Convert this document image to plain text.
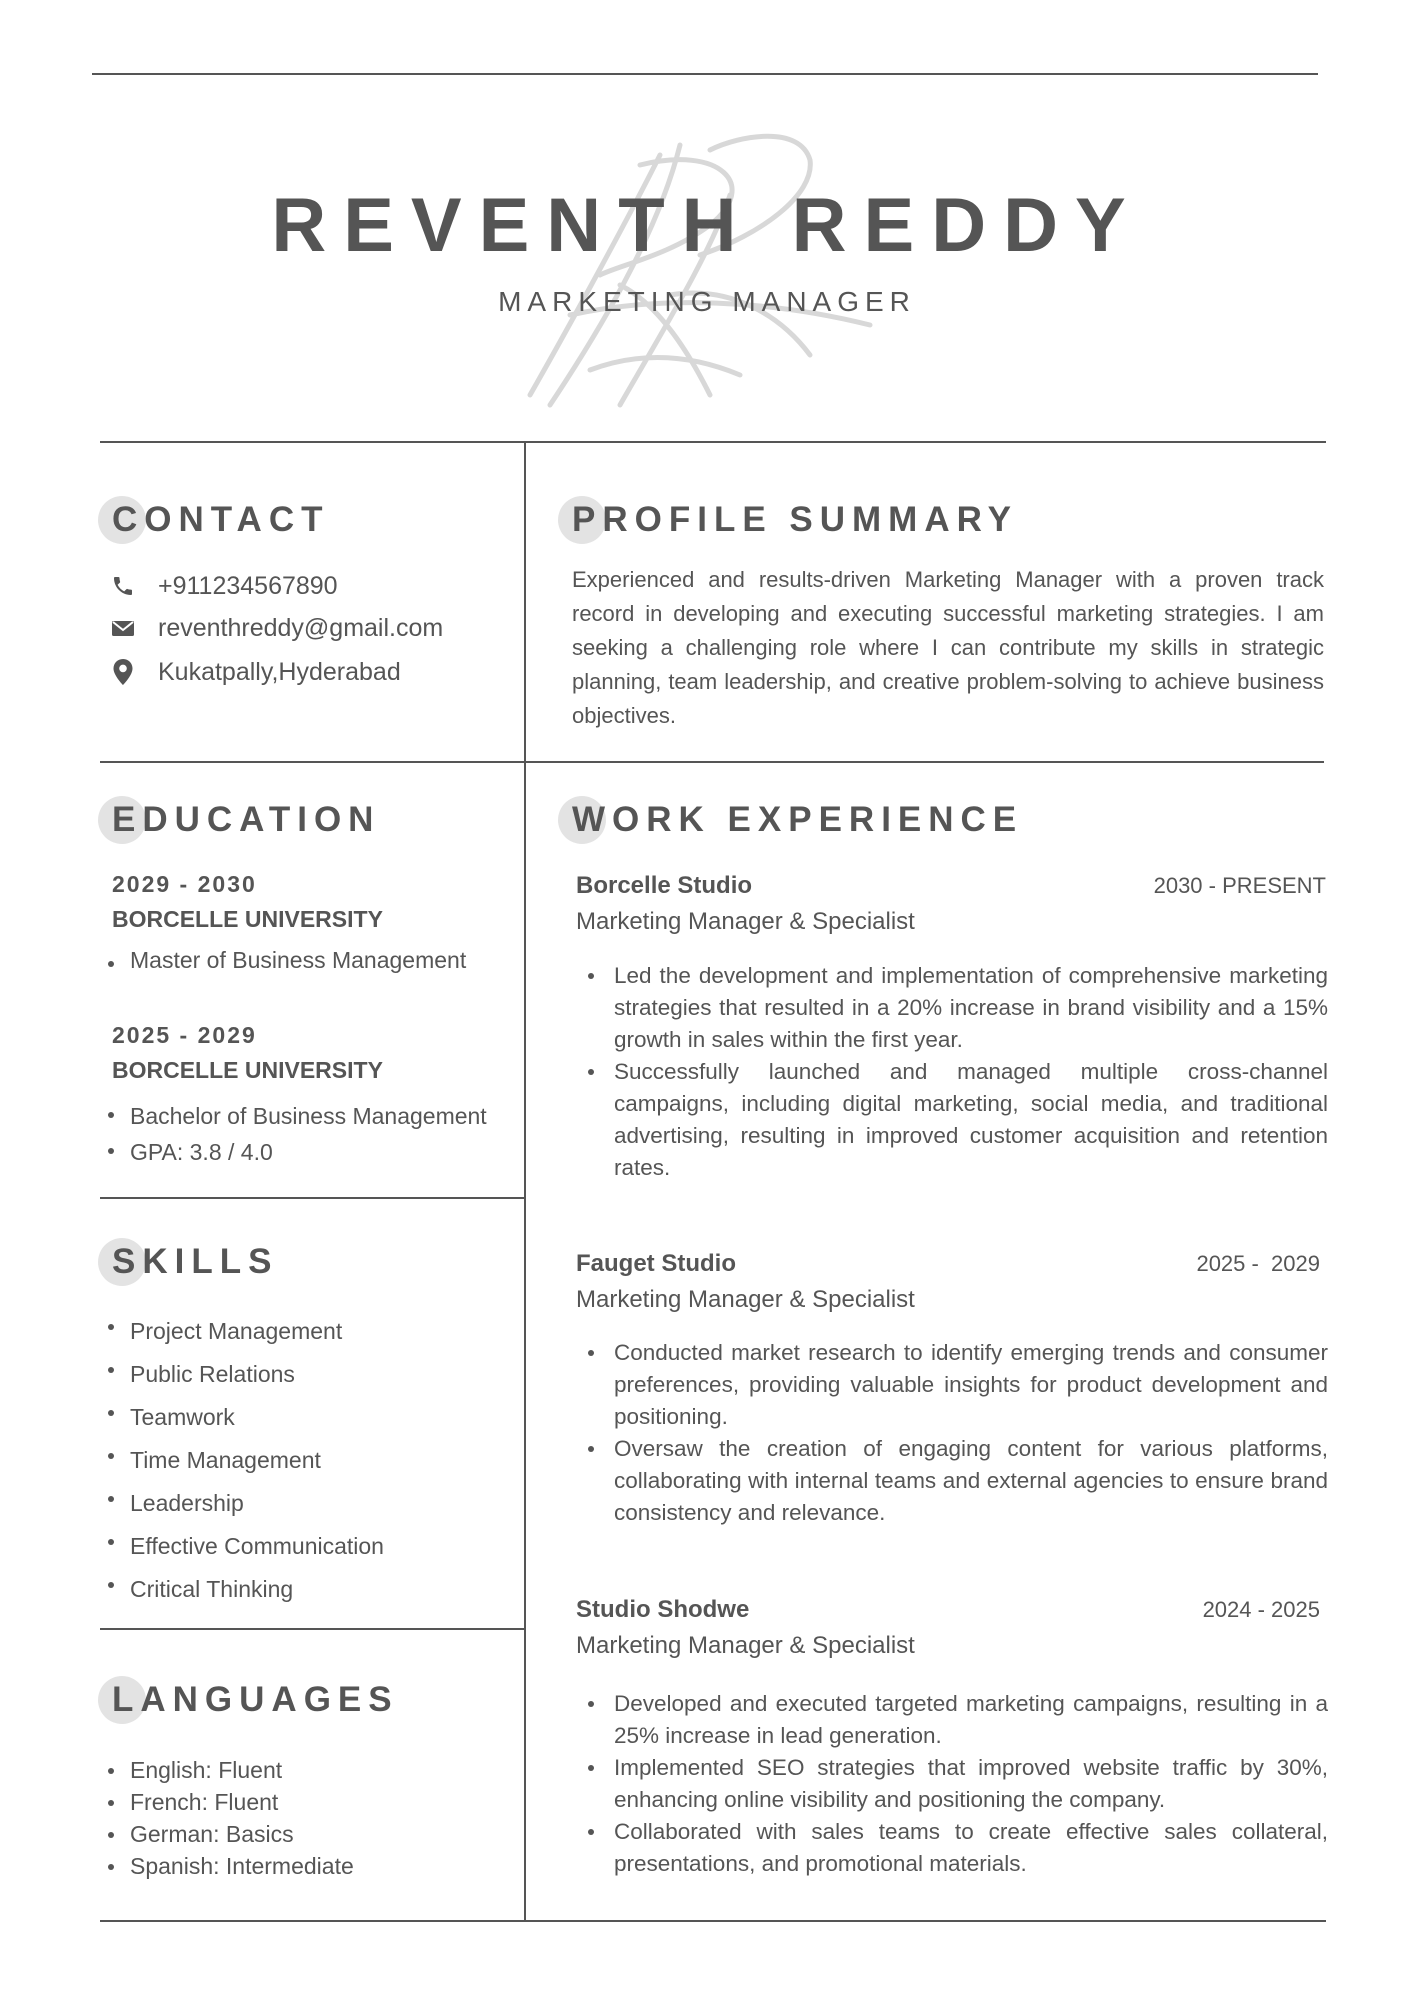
REVENTH REDDY
MARKETING MANAGER
CONTACT
+911234567890
reventhreddy@gmail.com
Kukatpally,Hyderabad
PROFILE SUMMARY
Experienced and results-driven Marketing Manager with a proven track record in developing and executing successful marketing strategies. I am seeking a challenging role where I can contribute my skills in strategic planning, team leadership, and creative problem-solving to achieve business objectives.
EDUCATION
2029 - 2030
BORCELLE UNIVERSITY
Master of Business Management
2025 - 2029
BORCELLE UNIVERSITY
Bachelor of Business Management
GPA: 3.8 / 4.0
SKILLS
Project Management
Public Relations
Teamwork
Time Management
Leadership
Effective Communication
Critical Thinking
LANGUAGES
English: Fluent
French: Fluent
German: Basics
Spanish: Intermediate
WORK EXPERIENCE
Borcelle Studio	2030 - PRESENT
Marketing Manager & Specialist
Led the development and implementation of comprehensive marketing strategies that resulted in a 20% increase in brand visibility and a 15% growth in sales within the first year.
Successfully launched and managed multiple cross-channel campaigns, including digital marketing, social media, and traditional advertising, resulting in improved customer acquisition and retention rates.
Fauget Studio	2025 -  2029
Marketing Manager & Specialist
Conducted market research to identify emerging trends and consumer preferences, providing valuable insights for product development and positioning.
Oversaw the creation of engaging content for various platforms, collaborating with internal teams and external agencies to ensure brand consistency and relevance.
Studio Shodwe	2024 - 2025
Marketing Manager & Specialist
Developed and executed targeted marketing campaigns, resulting in a 25% increase in lead generation.
Implemented SEO strategies that improved website traffic by 30%, enhancing online visibility and positioning the company.
Collaborated with sales teams to create effective sales collateral, presentations, and promotional materials.
